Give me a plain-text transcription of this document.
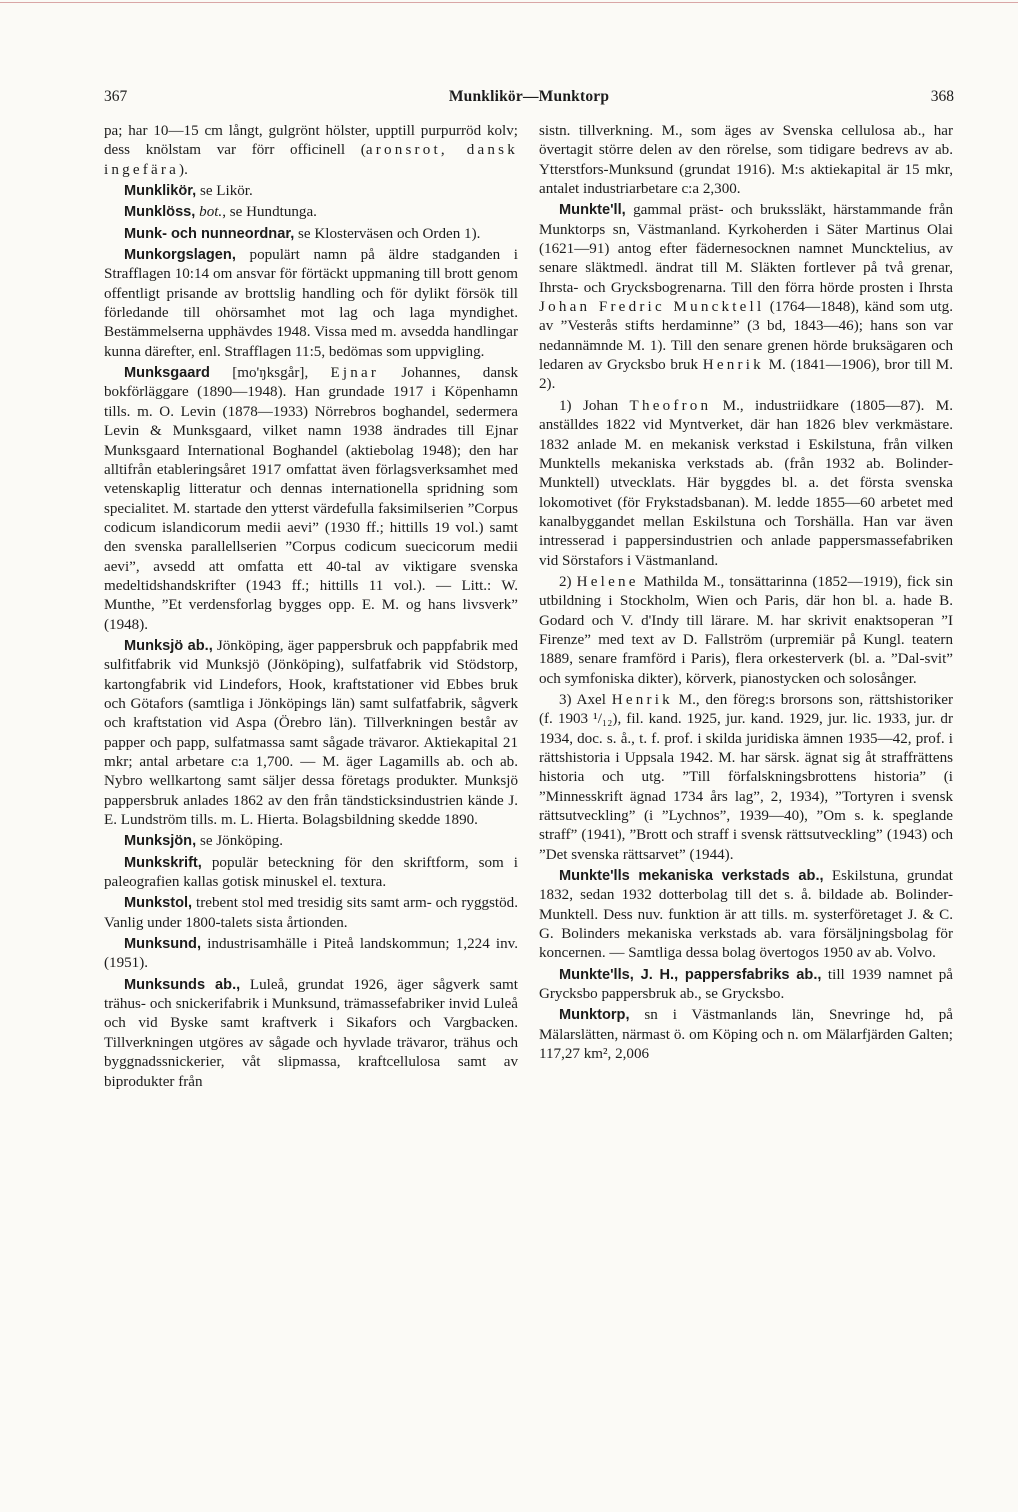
367	Munklikör—Munktorp	368

pa; har 10—15 cm långt, gulgrönt hölster, upptill purpurröd kolv; dess knölstam var förr officinell (aronsrot, dansk ingefära).

Munklikör, se Likör.

Munklöss, bot., se Hundtunga.

Munk- och nunneordnar, se Klosterväsen och Orden 1).

Munkorgslagen, populärt namn på äldre stadganden i Strafflagen 10:14 om ansvar för förtäckt uppmaning till brott genom offentligt prisande av brottslig handling och för dylikt försök till förledande till ohörsamhet mot lag och laga myndighet. Bestämmelserna upphävdes 1948. Vissa med m. avsedda handlingar kunna därefter, enl. Strafflagen 11:5, bedömas som uppvigling.

Munksgaard [mo'ŋksgår], Ejnar Johannes, dansk bokförläggare (1890—1948). Han grundade 1917 i Köpenhamn tills. m. O. Levin (1878—1933) Nörrebros boghandel, sedermera Levin & Munksgaard, vilket namn 1938 ändrades till Ejnar Munksgaard International Boghandel (aktiebolag 1948); den har alltifrån etableringsåret 1917 omfattat även förlagsverksamhet med vetenskaplig litteratur och dennas internationella spridning som specialitet. M. startade den ytterst värdefulla faksimilserien ”Corpus codicum islandicorum medii aevi” (1930 ff.; hittills 19 vol.) samt den svenska parallellserien ”Corpus codicum suecicorum medii aevi”, avsedd att omfatta ett 40-tal av viktigare svenska medeltidshandskrifter (1943 ff.; hittills 11 vol.). — Litt.: W. Munthe, ”Et verdensforlag bygges opp. E. M. og hans livsverk” (1948).

Munksjö ab., Jönköping, äger pappersbruk och pappfabrik med sulfitfabrik vid Munksjö (Jönköping), sulfatfabrik vid Stödstorp, kartongfabrik vid Lindefors, Hook, kraftstationer vid Ebbes bruk och Götafors (samtliga i Jönköpings län) samt sulfatfabrik, sågverk och kraftstation vid Aspa (Örebro län). Tillverkningen består av papper och papp, sulfatmassa samt sågade trävaror. Aktiekapital 21 mkr; antal arbetare c:a 1,700. — M. äger Lagamills ab. och ab. Nybro wellkartong samt säljer dessa företags produkter. Munksjö pappersbruk anlades 1862 av den från tändsticksindustrien kände J. E. Lundström tills. m. L. Hierta. Bolagsbildning skedde 1890.

Munksjön, se Jönköping.

Munkskrift, populär beteckning för den skriftform, som i paleografien kallas gotisk minuskel el. textura.

Munkstol, trebent stol med tresidig sits samt arm- och ryggstöd. Vanlig under 1800-talets sista årtionden.

Munksund, industrisamhälle i Piteå landskommun; 1,224 inv. (1951).

Munksunds ab., Luleå, grundat 1926, äger sågverk samt trähus- och snickerifabrik i Munksund, trämassefabriker invid Luleå och vid Byske samt kraftverk i Sikafors och Vargbacken. Tillverkningen utgöres av sågade och hyvlade trävaror, trähus och byggnadssnickerier, våt slipmassa, kraftcellulosa samt av biprodukter från

sistn. tillverkning. M., som äges av Svenska cellulosa ab., har övertagit större delen av den rörelse, som tidigare bedrevs av ab. Ytterstfors-Munksund (grundat 1916). M:s aktiekapital är 15 mkr, antalet industriarbetare c:a 2,300.

Munkte'll, gammal präst- och brukssläkt, härstammande från Munktorps sn, Västmanland. Kyrkoherden i Säter Martinus Olai (1621—91) antog efter fädernesocknen namnet Muncktelius, av senare släktmedl. ändrat till M. Släkten fortlever på två grenar, Ihrsta- och Grycksbogrenarna. Till den förra hörde prosten i Ihrsta Johan Fredric Muncktell (1764—1848), känd som utg. av ”Vesterås stifts herdaminne” (3 bd, 1843—46); hans son var nedannämnde M. 1). Till den senare grenen hörde bruksägaren och ledaren av Grycksbo bruk Henrik M. (1841—1906), bror till M. 2).

1) Johan Theofron M., industriidkare (1805—87). M. anställdes 1822 vid Myntverket, där han 1826 blev verkmästare. 1832 anlade M. en mekanisk verkstad i Eskilstuna, från vilken Munktells mekaniska verkstads ab. (från 1932 ab. Bolinder-Munktell) utvecklats. Här byggdes bl. a. det första svenska lokomotivet (för Frykstadsbanan). M. ledde 1855—60 arbetet med kanalbyggandet mellan Eskilstuna och Torshälla. Han var även intresserad i pappersindustrien och anlade pappersmassefabriken vid Sörstafors i Västmanland.

2) Helene Mathilda M., tonsättarinna (1852—1919), fick sin utbildning i Stockholm, Wien och Paris, där hon bl. a. hade B. Godard och V. d'Indy till lärare. M. har skrivit enaktsoperan ”I Firenze” med text av D. Fallström (urpremiär på Kungl. teatern 1889, senare framförd i Paris), flera orkesterverk (bl. a. ”Dal-svit” och symfoniska dikter), körverk, pianostycken och solosånger.

3) Axel Henrik M., den föreg:s brorsons son, rättshistoriker (f. 1903 ¹/₁₂), fil. kand. 1925, jur. kand. 1929, jur. lic. 1933, jur. dr 1934, doc. s. å., t. f. prof. i skilda juridiska ämnen 1935—42, prof. i rättshistoria i Uppsala 1942. M. har särsk. ägnat sig åt straffrättens historia och utg. ”Till förfalskningsbrottens historia” (i ”Minnesskrift ägnad 1734 års lag”, 2, 1934), ”Tortyren i svensk rättsutveckling” (i ”Lychnos”, 1939—40), ”Om s. k. speglande straff” (1941), ”Brott och straff i svensk rättsutveckling” (1943) och ”Det svenska rättsarvet” (1944).

Munkte'lls mekaniska verkstads ab., Eskilstuna, grundat 1832, sedan 1932 dotterbolag till det s. å. bildade ab. Bolinder-Munktell. Dess nuv. funktion är att tills. m. systerföretaget J. & C. G. Bolinders mekaniska verkstads ab. vara försäljningsbolag för koncernen. — Samtliga dessa bolag övertogos 1950 av ab. Volvo.

Munkte'lls, J. H., pappersfabriks ab., till 1939 namnet på Grycksbo pappersbruk ab., se Grycksbo.

Munktorp, sn i Västmanlands län, Snevringe hd, på Mälarslätten, närmast ö. om Köping och n. om Mälarfjärden Galten; 117,27 km², 2,006
